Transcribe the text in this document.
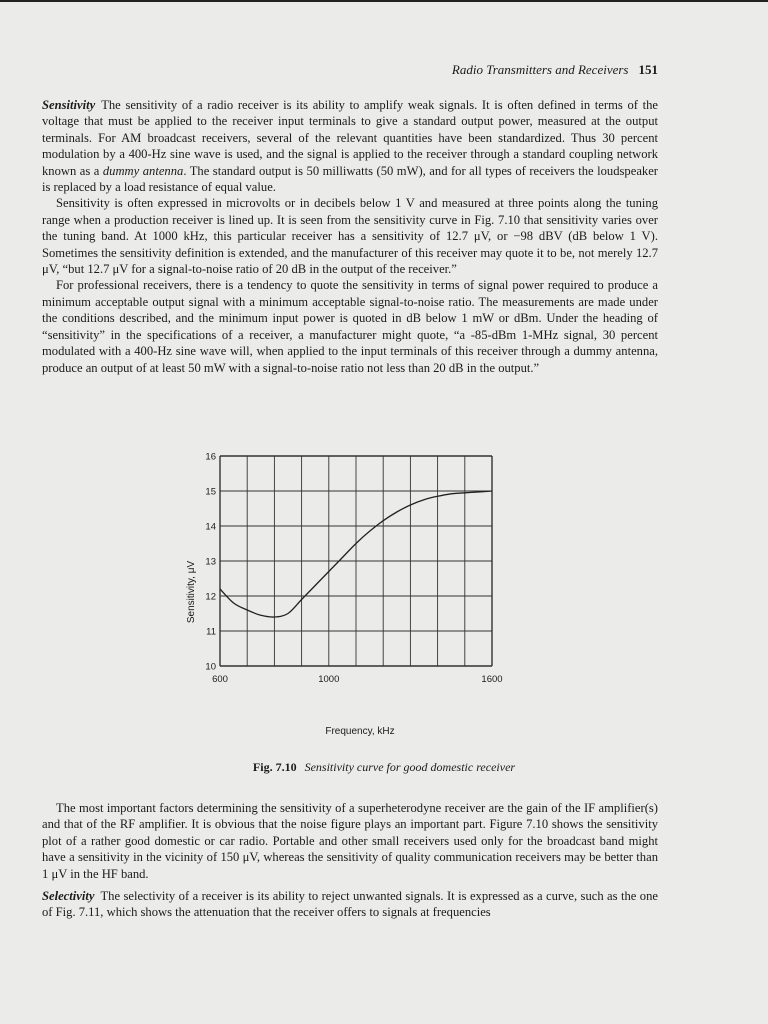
Radio Transmitters and Receivers 151

Sensitivity The sensitivity of a radio receiver is its ability to amplify weak signals. It is often defined in terms of the voltage that must be applied to the receiver input terminals to give a standard output power, measured at the output terminals. For AM broadcast receivers, several of the relevant quantities have been standardized. Thus 30 percent modulation by a 400-Hz sine wave is used, and the signal is applied to the receiver through a standard coupling network known as a dummy antenna. The standard output is 50 milliwatts (50 mW), and for all types of receivers the loudspeaker is replaced by a load resistance of equal value.

Sensitivity is often expressed in microvolts or in decibels below 1 V and measured at three points along the tuning range when a production receiver is lined up. It is seen from the sensitivity curve in Fig. 7.10 that sensitivity varies over the tuning band. At 1000 kHz, this particular receiver has a sensitivity of 12.7 μV, or −98 dBV (dB below 1 V). Sometimes the sensitivity definition is extended, and the manufacturer of this receiver may quote it to be, not merely 12.7 μV, “but 12.7 μV for a signal-to-noise ratio of 20 dB in the output of the receiver.”

For professional receivers, there is a tendency to quote the sensitivity in terms of signal power required to produce a minimum acceptable output signal with a minimum acceptable signal-to-noise ratio. The measurements are made under the conditions described, and the minimum input power is quoted in dB below 1 mW or dBm. Under the heading of “sensitivity” in the specifications of a receiver, a manufacturer might quote, “a -85-dBm 1-MHz signal, 30 percent modulated with a 400-Hz sine wave will, when applied to the input terminals of this receiver through a dummy antenna, produce an output of at least 50 mW with a signal-to-noise ratio not less than 20 dB in the output.”

10
11
12
13
14
15
16
600	1000	1600
Frequency, kHz
Sensitivity, μV
Fig. 7.10 Sensitivity curve for good domestic receiver

The most important factors determining the sensitivity of a superheterodyne receiver are the gain of the IF amplifier(s) and that of the RF amplifier. It is obvious that the noise figure plays an important part. Figure 7.10 shows the sensitivity plot of a rather good domestic or car radio. Portable and other small receivers used only for the broadcast band might have a sensitivity in the vicinity of 150 μV, whereas the sensitivity of quality communication receivers may be better than 1 μV in the HF band.

Selectivity The selectivity of a receiver is its ability to reject unwanted signals. It is expressed as a curve, such as the one of Fig. 7.11, which shows the attenuation that the receiver offers to signals at frequencies
